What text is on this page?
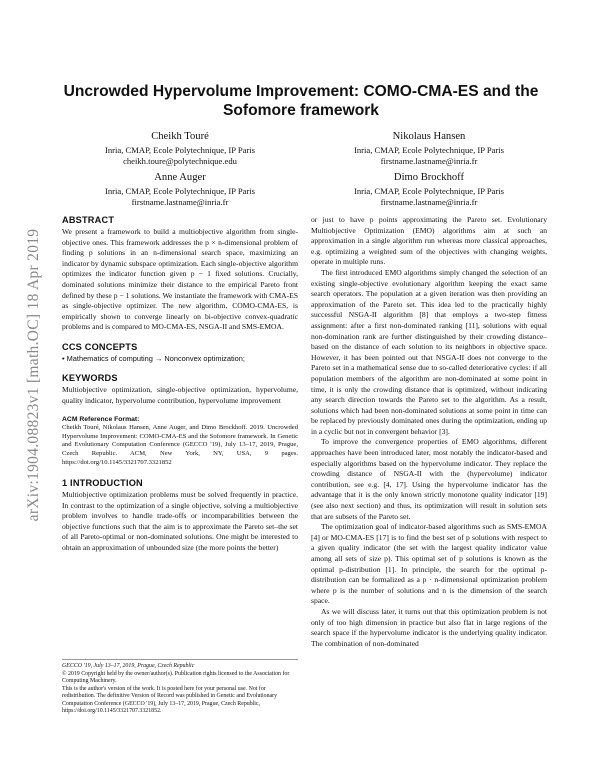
arXiv:1904.08823v1 [math.OC] 18 Apr 2019
Uncrowded Hypervolume Improvement: COMO-CMA-ES and the Sofomore framework
Cheikh Touré
Inria, CMAP, Ecole Polytechnique, IP Paris
cheikh.toure@polytechnique.edu
Nikolaus Hansen
Inria, CMAP, Ecole Polytechnique, IP Paris
firstname.lastname@inria.fr
Anne Auger
Inria, CMAP, Ecole Polytechnique, IP Paris
firstname.lastname@inria.fr
Dimo Brockhoff
Inria, CMAP, Ecole Polytechnique, IP Paris
firstname.lastname@inria.fr
ABSTRACT

We present a framework to build a multiobjective algorithm from single-objective ones. This framework addresses the p × n-dimensional problem of finding p solutions in an n-dimensional search space, maximizing an indicator by dynamic subspace optimization. Each single-objective algorithm optimizes the indicator function given p − 1 fixed solutions. Crucially, dominated solutions minimize their distance to the empirical Pareto front defined by these p − 1 solutions. We instantiate the framework with CMA-ES as single-objective optimizer. The new algorithm, COMO-CMA-ES, is empirically shown to converge linearly on bi-objective convex-quadratic problems and is compared to MO-CMA-ES, NSGA-II and SMS-EMOA.

CCS CONCEPTS

• Mathematics of computing → Nonconvex optimization;

KEYWORDS

Multiobjective optimization, single-objective optimization, hypervolume, quality indicator, hypervolume contribution, hypervolume improvement

ACM Reference Format:

Cheikh Touré, Nikolaus Hansen, Anne Auger, and Dimo Brockhoff. 2019. Uncrowded Hypervolume Improvement: COMO-CMA-ES and the Sofomore framework. In Genetic and Evolutionary Computation Conference (GECCO '19), July 13–17, 2019, Prague, Czech Republic. ACM, New York, NY, USA, 9 pages. https://doi.org/10.1145/3321707.3321852

1 INTRODUCTION

Multiobjective optimization problems must be solved frequently in practice. In contrast to the optimization of a single objective, solving a multiobjective problem involves to handle trade-offs or incomparabilities between the objective functions such that the aim is to approximate the Pareto set–the set of all Pareto-optimal or non-dominated solutions. One might be interested to obtain an approximation of unbounded size (the more points the better)

GECCO '19, July 13–17, 2019, Prague, Czech Republic

© 2019 Copyright held by the owner/author(s). Publication rights licensed to the Association for Computing Machinery.

This is the author's version of the work. It is posted here for your personal use. Not for redistribution. The definitive Version of Record was published in Genetic and Evolutionary Computation Conference (GECCO '19), July 13–17, 2019, Prague, Czech Republic, https://doi.org/10.1145/3321707.3321852.

or just to have p points approximating the Pareto set. Evolutionary Multiobjective Optimization (EMO) algorithms aim at such an approximation in a single algorithm run whereas more classical approaches, e.g. optimizing a weighted sum of the objectives with changing weights, operate in multiple runs.

The first introduced EMO algorithms simply changed the selection of an existing single-objective evolutionary algorithm keeping the exact same search operators. The population at a given iteration was then providing an approximation of the Pareto set. This idea led to the practically highly successful NSGA-II algorithm [8] that employs a two-step fitness assignment: after a first non-dominated ranking [11], solutions with equal non-domination rank are further distinguished by their crowding distance–based on the distance of each solution to its neighbors in objective space. However, it has been pointed out that NSGA-II does not converge to the Pareto set in a mathematical sense due to so-called deteriorative cycles: if all population members of the algorithm are non-dominated at some point in time, it is only the crowding distance that is optimized, without indicating any search direction towards the Pareto set to the algorithm. As a result, solutions which had been non-dominated solutions at some point in time can be replaced by previously dominated ones during the optimization, ending up in a cyclic but not in convergent behavior [3].

To improve the convergence properties of EMO algorithms, different approaches have been introduced later, most notably the indicator-based and especially algorithms based on the hypervolume indicator. They replace the crowding distance of NSGA-II with the (hypervolume) indicator contribution, see e.g. [4, 17]. Using the hypervolume indicator has the advantage that it is the only known strictly monotone quality indicator [19] (see also next section) and thus, its optimization will result in solution sets that are subsets of the Pareto set.

The optimization goal of indicator-based algorithms such as SMS-EMOA [4] or MO-CMA-ES [17] is to find the best set of p solutions with respect to a given quality indicator (the set with the largest quality indicator value among all sets of size p). This optimal set of p solutions is known as the optimal p-distribution [1]. In principle, the search for the optimal p-distribution can be formalized as a p · n-dimensional optimization problem where p is the number of solutions and n is the dimension of the search space.

As we will discuss later, it turns out that this optimization problem is not only of too high dimension in practice but also flat in large regions of the search space if the hypervolume indicator is the underlying quality indicator. The combination of non-dominated
